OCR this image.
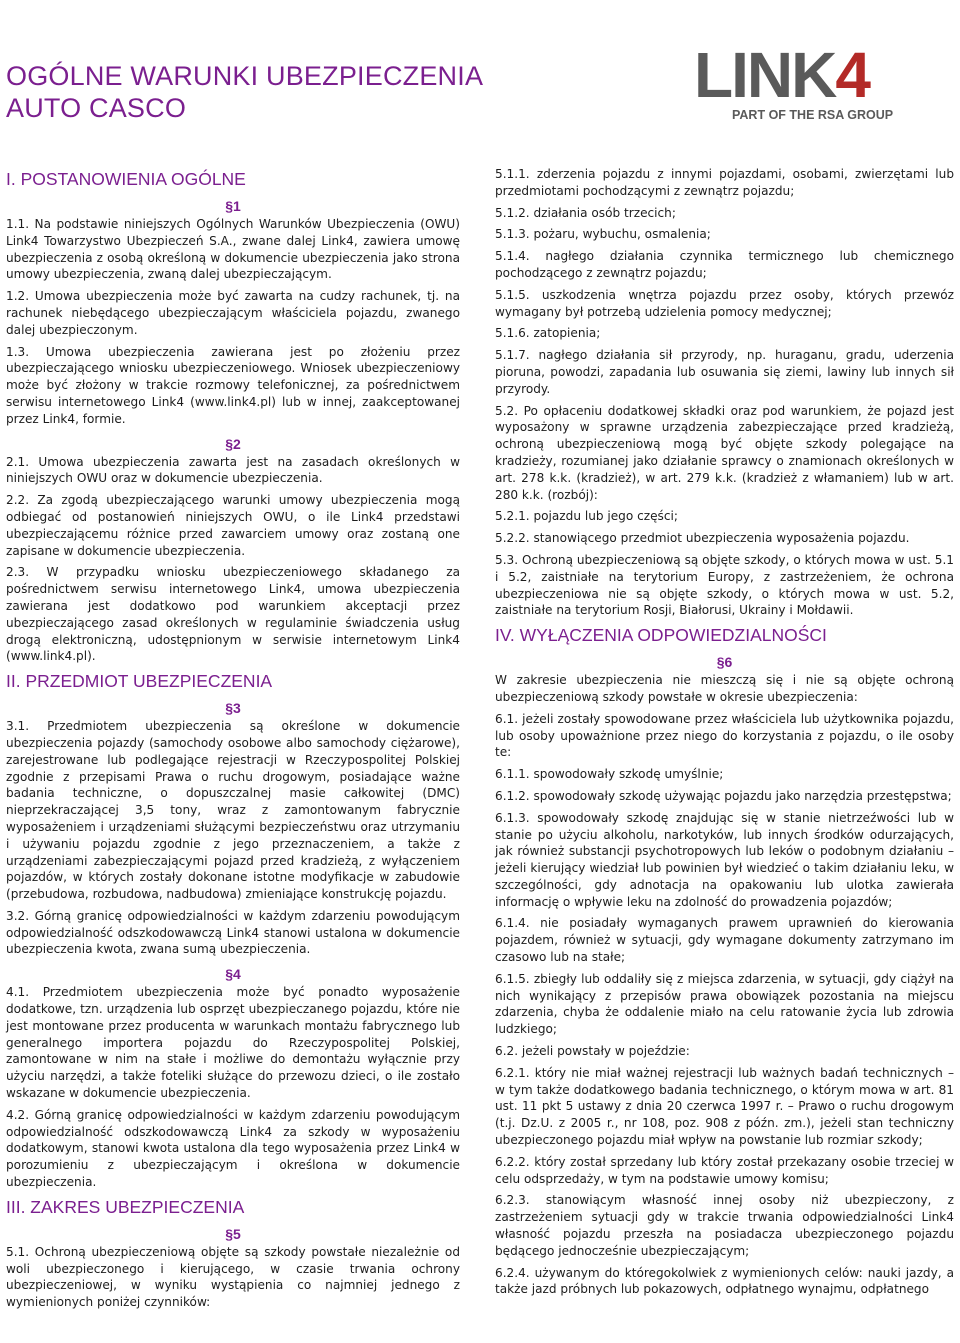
OGÓLNE WARUNKI UBEZPIECZENIA
AUTO CASCO	LINK4
PART OF THE RSA GROUP
I. POSTANOWIENIA OGÓLNE
§1

1.1. Na podstawie niniejszych Ogólnych Warunków Ubezpieczenia (OWU) Link4 Towarzystwo Ubezpieczeń S.A., zwane dalej Link4, zawiera umowę ubezpieczenia z osobą określoną w dokumencie ubezpieczenia jako strona umowy ubezpieczenia, zwaną dalej ubezpieczającym.

1.2. Umowa ubezpieczenia może być zawarta na cudzy rachunek, tj. na rachunek niebędącego ubezpieczającym właściciela pojazdu, zwanego dalej ubezpieczonym.

1.3. Umowa ubezpieczenia zawierana jest po złożeniu przez ubezpieczającego wniosku ubezpieczeniowego. Wniosek ubezpieczeniowy może być złożony w trakcie rozmowy telefonicznej, za pośrednictwem serwisu internetowego Link4 (www.link4.pl) lub w innej, zaakceptowanej przez Link4, formie.

§2

2.1. Umowa ubezpieczenia zawarta jest na zasadach określonych w niniejszych OWU oraz w dokumencie ubezpieczenia.

2.2. Za zgodą ubezpieczającego warunki umowy ubezpieczenia mogą odbiegać od postanowień niniejszych OWU, o ile Link4 przedstawi ubezpieczającemu różnice przed zawarciem umowy oraz zostaną one zapisane w dokumencie ubezpieczenia.

2.3. W przypadku wniosku ubezpieczeniowego składanego za pośrednictwem serwisu internetowego Link4, umowa ubezpieczenia zawierana jest dodatkowo pod warunkiem akceptacji przez ubezpieczającego zasad określonych w regulaminie świadczenia usług drogą elektroniczną, udostępnionym w serwisie internetowym Link4 (www.link4.pl).

II. PRZEDMIOT UBEZPIECZENIA
§3

3.1. Przedmiotem ubezpieczenia są określone w dokumencie ubezpieczenia pojazdy (samochody osobowe albo samochody ciężarowe), zarejestrowane lub podlegające rejestracji w Rzeczypospolitej Polskiej zgodnie z przepisami Prawa o ruchu drogowym, posiadające ważne badania techniczne, o dopuszczalnej masie całkowitej (DMC) nieprzekraczającej 3,5 tony, wraz z zamontowanym fabrycznie wyposażeniem i urządzeniami służącymi bezpieczeństwu oraz utrzymaniu i używaniu pojazdu zgodnie z jego przeznaczeniem, a także z urządzeniami zabezpieczającymi pojazd przed kradzieżą, z wyłączeniem pojazdów, w których zostały dokonane istotne modyfikacje w zabudowie (przebudowa, rozbudowa, nadbudowa) zmieniające konstrukcję pojazdu.

3.2. Górną granicę odpowiedzialności w każdym zdarzeniu powodującym odpowiedzialność odszkodowawczą Link4 stanowi ustalona w dokumencie ubezpieczenia kwota, zwana sumą ubezpieczenia.

§4

4.1. Przedmiotem ubezpieczenia może być ponadto wyposażenie dodatkowe, tzn. urządzenia lub osprzęt ubezpieczanego pojazdu, które nie jest montowane przez producenta w warunkach montażu fabrycznego lub generalnego importera pojazdu do Rzeczypospolitej Polskiej, zamontowane w nim na stałe i możliwe do demontażu wyłącznie przy użyciu narzędzi, a także foteliki służące do przewozu dzieci, o ile zostało wskazane w dokumencie ubezpieczenia.

4.2. Górną granicę odpowiedzialności w każdym zdarzeniu powodującym odpowiedzialność odszkodowawczą Link4 za szkody w wyposażeniu dodatkowym, stanowi kwota ustalona dla tego wyposażenia przez Link4 w porozumieniu z ubezpieczającym i określona w dokumencie ubezpieczenia.

III. ZAKRES UBEZPIECZENIA
§5

5.1. Ochroną ubezpieczeniową objęte są szkody powstałe niezależnie od woli ubezpieczonego i kierującego, w czasie trwania ochrony ubezpieczeniowej, w wyniku wystąpienia co najmniej jednego z wymienionych poniżej czynników:

5.1.1. zderzenia pojazdu z innymi pojazdami, osobami, zwierzętami lub przedmiotami pochodzącymi z zewnątrz pojazdu;

5.1.2. działania osób trzecich;

5.1.3. pożaru, wybuchu, osmalenia;

5.1.4. nagłego działania czynnika termicznego lub chemicznego pochodzącego z zewnątrz pojazdu;

5.1.5. uszkodzenia wnętrza pojazdu przez osoby, których przewóz wymagany był potrzebą udzielenia pomocy medycznej;

5.1.6. zatopienia;

5.1.7. nagłego działania sił przyrody, np. huraganu, gradu, uderzenia pioruna, powodzi, zapadania lub osuwania się ziemi, lawiny lub innych sił przyrody.

5.2. Po opłaceniu dodatkowej składki oraz pod warunkiem, że pojazd jest wyposażony w sprawne urządzenia zabezpieczające przed kradzieżą, ochroną ubezpieczeniową mogą być objęte szkody polegające na kradzieży, rozumianej jako działanie sprawcy o znamionach określonych w art. 278 k.k. (kradzież), w art. 279 k.k. (kradzież z włamaniem) lub w art. 280 k.k. (rozbój):

5.2.1. pojazdu lub jego części;

5.2.2. stanowiącego przedmiot ubezpieczenia wyposażenia pojazdu.

5.3. Ochroną ubezpieczeniową są objęte szkody, o których mowa w ust. 5.1 i 5.2, zaistniałe na terytorium Europy, z zastrzeżeniem, że ochrona ubezpieczeniowa nie są objęte szkody, o których mowa w ust. 5.2, zaistniałe na terytorium Rosji, Białorusi, Ukrainy i Mołdawii.

IV. WYŁĄCZENIA ODPOWIEDZIALNOŚCI
§6

W zakresie ubezpieczenia nie mieszczą się i nie są objęte ochroną ubezpieczeniową szkody powstałe w okresie ubezpieczenia:

6.1. jeżeli zostały spowodowane przez właściciela lub użytkownika pojazdu, lub osoby upoważnione przez niego do korzystania z pojazdu, o ile osoby te:

6.1.1. spowodowały szkodę umyślnie;

6.1.2. spowodowały szkodę używając pojazdu jako narzędzia przestępstwa;

6.1.3. spowodowały szkodę znajdując się w stanie nietrzeźwości lub w stanie po użyciu alkoholu, narkotyków, lub innych środków odurzających, jak również substancji psychotropowych lub leków o podobnym działaniu – jeżeli kierujący wiedział lub powinien był wiedzieć o takim działaniu leku, w szczególności, gdy adnotacja na opakowaniu lub ulotka zawierała informację o wpływie leku na zdolność do prowadzenia pojazdów;

6.1.4. nie posiadały wymaganych prawem uprawnień do kierowania pojazdem, również w sytuacji, gdy wymagane dokumenty zatrzymano im czasowo lub na stałe;

6.1.5. zbiegły lub oddaliły się z miejsca zdarzenia, w sytuacji, gdy ciążył na nich wynikający z przepisów prawa obowiązek pozostania na miejscu zdarzenia, chyba że oddalenie miało na celu ratowanie życia lub zdrowia ludzkiego;

6.2. jeżeli powstały w pojeździe:

6.2.1. który nie miał ważnej rejestracji lub ważnych badań technicznych – w tym także dodatkowego badania technicznego, o którym mowa w art. 81 ust. 11 pkt 5 ustawy z dnia 20 czerwca 1997 r. – Prawo o ruchu drogowym (t.j. Dz.U. z 2005 r., nr 108, poz. 908 z późn. zm.), jeżeli stan techniczny ubezpieczonego pojazdu miał wpływ na powstanie lub rozmiar szkody;

6.2.2. który został sprzedany lub który został przekazany osobie trzeciej w celu odsprzedaży, w tym na podstawie umowy komisu;

6.2.3. stanowiącym własność innej osoby niż ubezpieczony, z zastrzeżeniem sytuacji gdy w trakcie trwania odpowiedzialności Link4 własność pojazdu przeszła na posiadacza ubezpieczonego pojazdu będącego jednocześnie ubezpieczającym;

6.2.4. używanym do któregokolwiek z wymienionych celów: nauki jazdy, a także jazd próbnych lub pokazowych, odpłatnego wynajmu, odpłatnego
